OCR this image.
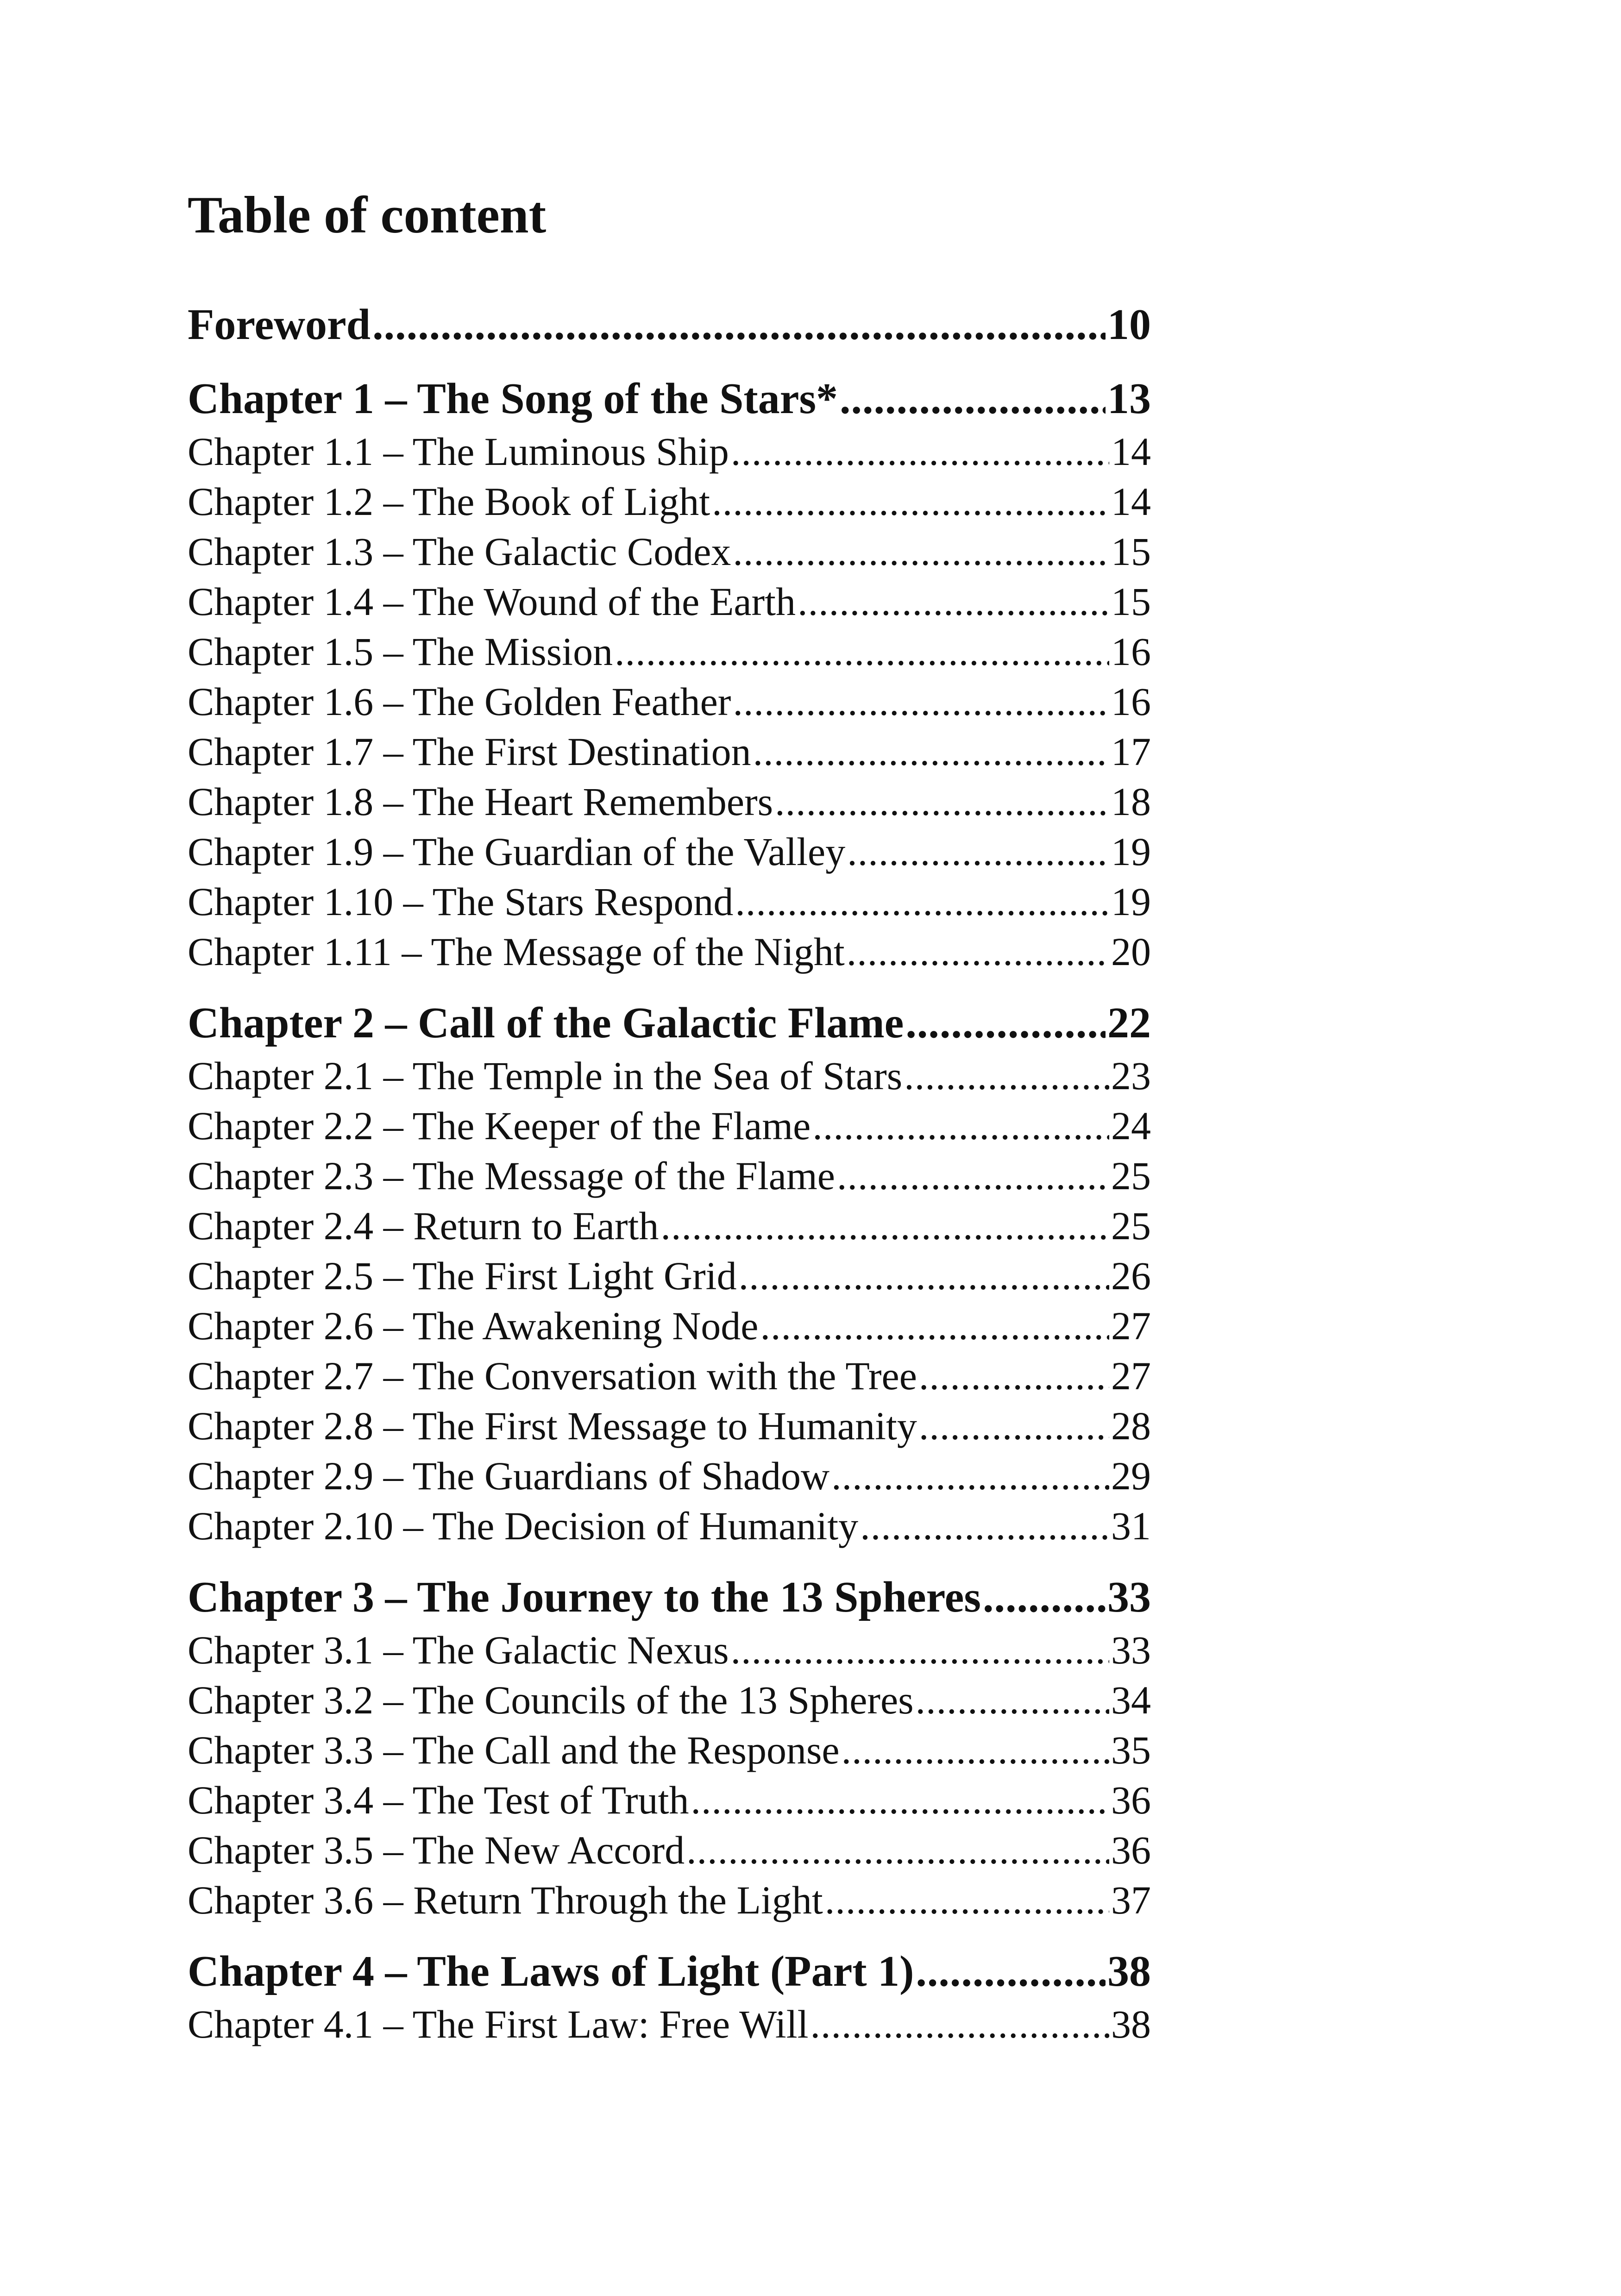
Table of content
Foreword .....	10
Chapter 1 – The Song of the Stars* .....	13
Chapter 1.1 – The Luminous Ship .....	14
Chapter 1.2 – The Book of Light .....	14
Chapter 1.3 – The Galactic Codex .....	15
Chapter 1.4 – The Wound of the Earth .....	15
Chapter 1.5 – The Mission .....	16
Chapter 1.6 – The Golden Feather .....	16
Chapter 1.7 – The First Destination .....	17
Chapter 1.8 – The Heart Remembers .....	18
Chapter 1.9 – The Guardian of the Valley .....	19
Chapter 1.10 – The Stars Respond .....	19
Chapter 1.11 – The Message of the Night .....	20
Chapter 2 – Call of the Galactic Flame .....	22
Chapter 2.1 – The Temple in the Sea of Stars .....	23
Chapter 2.2 – The Keeper of the Flame .....	24
Chapter 2.3 – The Message of the Flame .....	25
Chapter 2.4 – Return to Earth .....	25
Chapter 2.5 – The First Light Grid .....	26
Chapter 2.6 – The Awakening Node .....	27
Chapter 2.7 – The Conversation with the Tree .....	27
Chapter 2.8 – The First Message to Humanity .....	28
Chapter 2.9 – The Guardians of Shadow .....	29
Chapter 2.10 – The Decision of Humanity .....	31
Chapter 3 – The Journey to the 13 Spheres .....	33
Chapter 3.1 – The Galactic Nexus .....	33
Chapter 3.2 – The Councils of the 13 Spheres .....	34
Chapter 3.3 – The Call and the Response .....	35
Chapter 3.4 – The Test of Truth .....	36
Chapter 3.5 – The New Accord .....	36
Chapter 3.6 – Return Through the Light .....	37
Chapter 4 – The Laws of Light (Part 1) .....	38
Chapter 4.1 – The First Law: Free Will .....	38
